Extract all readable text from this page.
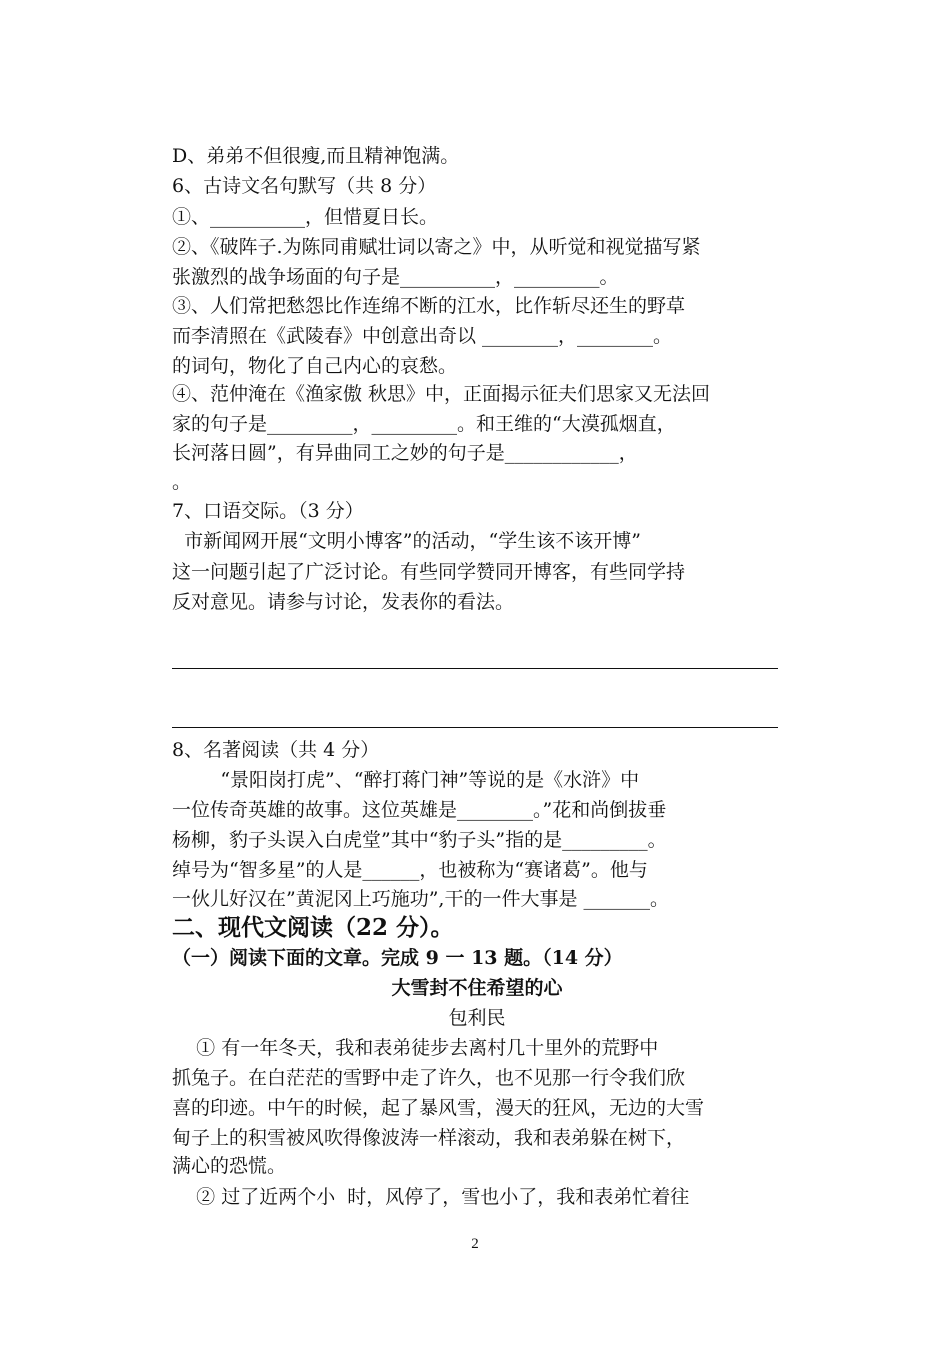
D、弟弟不但很瘦,而且精神饱满。
6、古诗文名句默写（共 8 分）
①、__________，但惜夏日长。
②、《破阵子.为陈同甫赋壮词以寄之》中，从听觉和视觉描写紧
张激烈的战争场面的句子是__________，_________。
③、人们常把愁怨比作连绵不断的江水，比作斩尽还生的野草
而李清照在《武陵春》中创意出奇以 ________，________。
的词句，物化了自己内心的哀愁。
④、范仲淹在《渔家傲 秋思》中，正面揭示征夫们思家又无法回
家的句子是_________，_________。和王维的“大漠孤烟直，
长河落日圆”，有异曲同工之妙的句子是____________，
。
7、口语交际。（3 分）
市新闻网开展“文明小博客”的活动，“学生该不该开博”
这一问题引起了广泛讨论。有些同学赞同开博客，有些同学持
反对意见。请参与讨论，发表你的看法。
8、名著阅读（共 4 分）
“景阳岗打虎”、“醉打蒋门神”等说的是《水浒》中
一位传奇英雄的故事。这位英雄是________。”花和尚倒拔垂
杨柳，豹子头误入白虎堂”其中“豹子头”指的是_________。
绰号为“智多星”的人是______，也被称为“赛诸葛”。他与
一伙儿好汉在”黄泥冈上巧施功”,干的一件大事是 _______。
二、现代文阅读（22 分）。
（一）阅读下面的文章。完成 9 一 13 题。（14 分）
大雪封不住希望的心
包利民
① 有一年冬天，我和表弟徒步去离村几十里外的荒野中
抓兔子。在白茫茫的雪野中走了许久，也不见那一行令我们欣
喜的印迹。中午的时候，起了暴风雪，漫天的狂风，无边的大雪
甸子上的积雪被风吹得像波涛一样滚动，我和表弟躲在树下，
满心的恐慌。
② 过了近两个小  时，风停了，雪也小了，我和表弟忙着往
2
